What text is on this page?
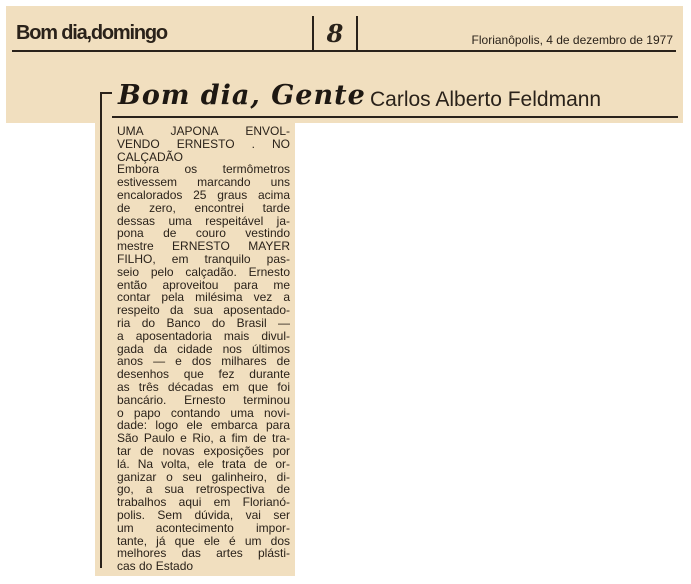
Bom dia,domingo	8	Florianôpolis, 4 de dezembro de 1977
Bom dia, Gente Carlos Alberto Feldmann
UMA JAPONA ENVOL-
VENDO ERNESTO . NO
CALÇADÃO
Embora os termômetros
estivessem marcando uns
encalorados 25 graus acima
de zero, encontrei tarde
dessas uma respeitável ja-
pona de couro vestindo
mestre ERNESTO MAYER
FILHO, em tranquilo pas-
seio pelo calçadão. Ernesto
então aproveitou para me
contar pela milésima vez a
respeito da sua aposentado-
ria do Banco do Brasil —
a aposentadoria mais divul-
gada da cidade nos últimos
anos — e dos milhares de
desenhos que fez durante
as três décadas em que foi
bancário. Ernesto terminou
o papo contando uma novi-
dade: logo ele embarca para
São Paulo e Rio, a fim de tra-
tar de novas exposições por
lá. Na volta, ele trata de or-
ganizar o seu galinheiro, di-
go, a sua retrospectiva de
trabalhos aqui em Florianó-
polis. Sem dúvida, vai ser
um acontecimento impor-
tante, já que ele é um dos
melhores das artes plásti-
cas do Estado
